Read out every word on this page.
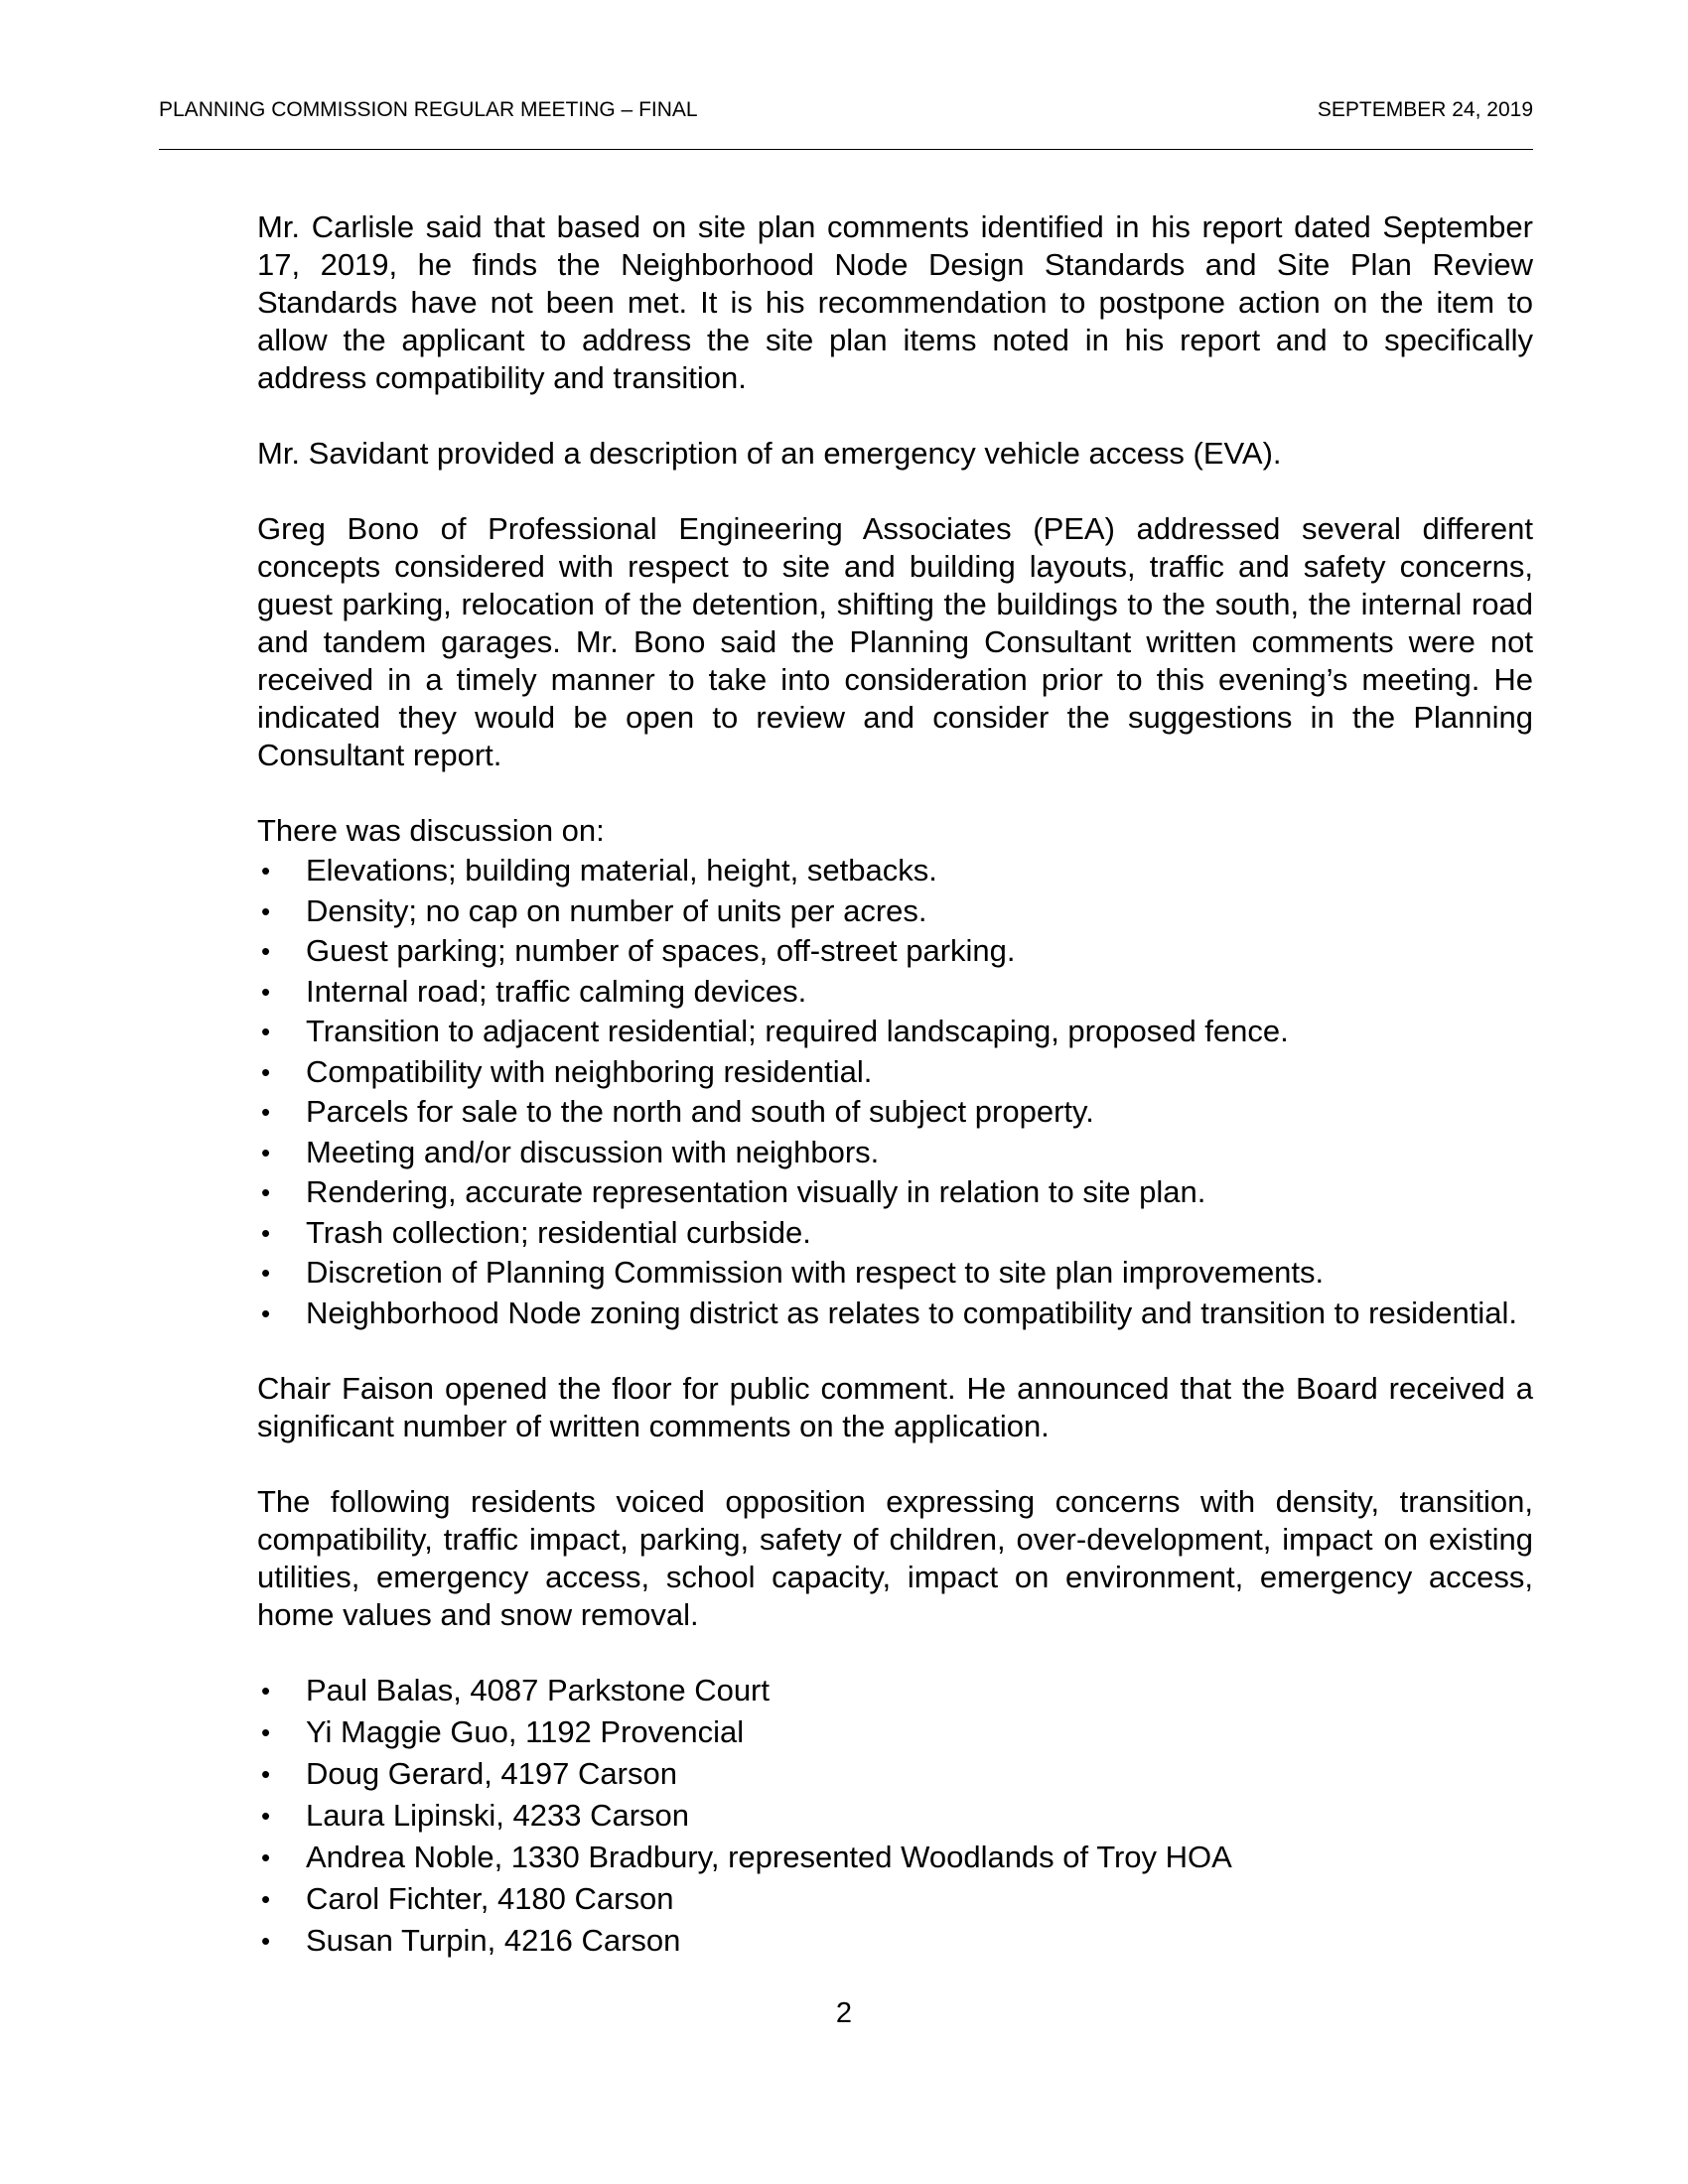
PLANNING COMMISSION REGULAR MEETING – FINAL	SEPTEMBER 24, 2019

Mr. Carlisle said that based on site plan comments identified in his report dated September 17, 2019, he finds the Neighborhood Node Design Standards and Site Plan Review Standards have not been met. It is his recommendation to postpone action on the item to allow the applicant to address the site plan items noted in his report and to specifically address compatibility and transition.

Mr. Savidant provided a description of an emergency vehicle access (EVA).

Greg Bono of Professional Engineering Associates (PEA) addressed several different concepts considered with respect to site and building layouts, traffic and safety concerns, guest parking, relocation of the detention, shifting the buildings to the south, the internal road and tandem garages. Mr. Bono said the Planning Consultant written comments were not received in a timely manner to take into consideration prior to this evening’s meeting. He indicated they would be open to review and consider the suggestions in the Planning Consultant report.

There was discussion on:

• Elevations; building material, height, setbacks.
• Density; no cap on number of units per acres.
• Guest parking; number of spaces, off-street parking.
• Internal road; traffic calming devices.
• Transition to adjacent residential; required landscaping, proposed fence.
• Compatibility with neighboring residential.
• Parcels for sale to the north and south of subject property.
• Meeting and/or discussion with neighbors.
• Rendering, accurate representation visually in relation to site plan.
• Trash collection; residential curbside.
• Discretion of Planning Commission with respect to site plan improvements.
• Neighborhood Node zoning district as relates to compatibility and transition to residential.

Chair Faison opened the floor for public comment. He announced that the Board received a significant number of written comments on the application.

The following residents voiced opposition expressing concerns with density, transition, compatibility, traffic impact, parking, safety of children, over-development, impact on existing utilities, emergency access, school capacity, impact on environment, emergency access, home values and snow removal.

• Paul Balas, 4087 Parkstone Court
• Yi Maggie Guo, 1192 Provencial
• Doug Gerard, 4197 Carson
• Laura Lipinski, 4233 Carson
• Andrea Noble, 1330 Bradbury, represented Woodlands of Troy HOA
• Carol Fichter, 4180 Carson
• Susan Turpin, 4216 Carson
2
